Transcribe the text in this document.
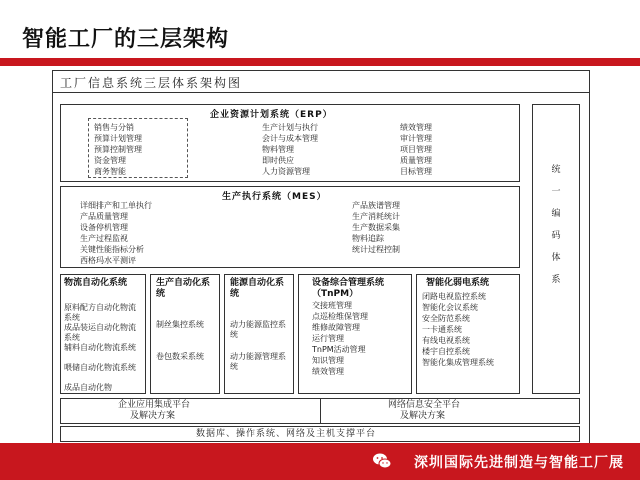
智能工厂的三层架构
工厂信息系统三层体系架构图
企业资源计划系统（ERP）
销售与分销
预算计划管理
预算控制管理
资金管理
商务智能
生产计划与执行
会计与成本管理
物料管理
即时供应
人力资源管理
绩效管理
审计管理
项目管理
质量管理
目标管理
生产执行系统（MES）
详细排产和工单执行
产品质量管理
设备停机管理
生产过程监视
关键性能指标分析
西格玛水平测评
产品族谱管理
生产消耗统计
生产数据采集
物料追踪
统计过程控制
物流自动化系统
原料配方自动化物流系统
成品装运自动化物流系统
辅料自动化物流系统
喂储自动化物流系统
成品自动化物
生产自动化系统
制丝集控系统
卷包数采系统
能源自动化系统
动力能源监控系统
动力能源管理系统
设备综合管理系统（TnPM）
交接班管理
点巡检维保管理
维修故障管理
运行管理
TnPM活动管理
知识管理
绩效管理
智能化弱电系统
闭路电视监控系统
智能化会议系统
安全防范系统
一卡通系统
有线电视系统
楼宇自控系统
智能化集成管理系统
统
一
编
码
体
系
企业应用集成平台
及解决方案
网络信息安全平台
及解决方案
数据库、操作系统、网络及主机支撑平台
深圳国际先进制造与智能工厂展
